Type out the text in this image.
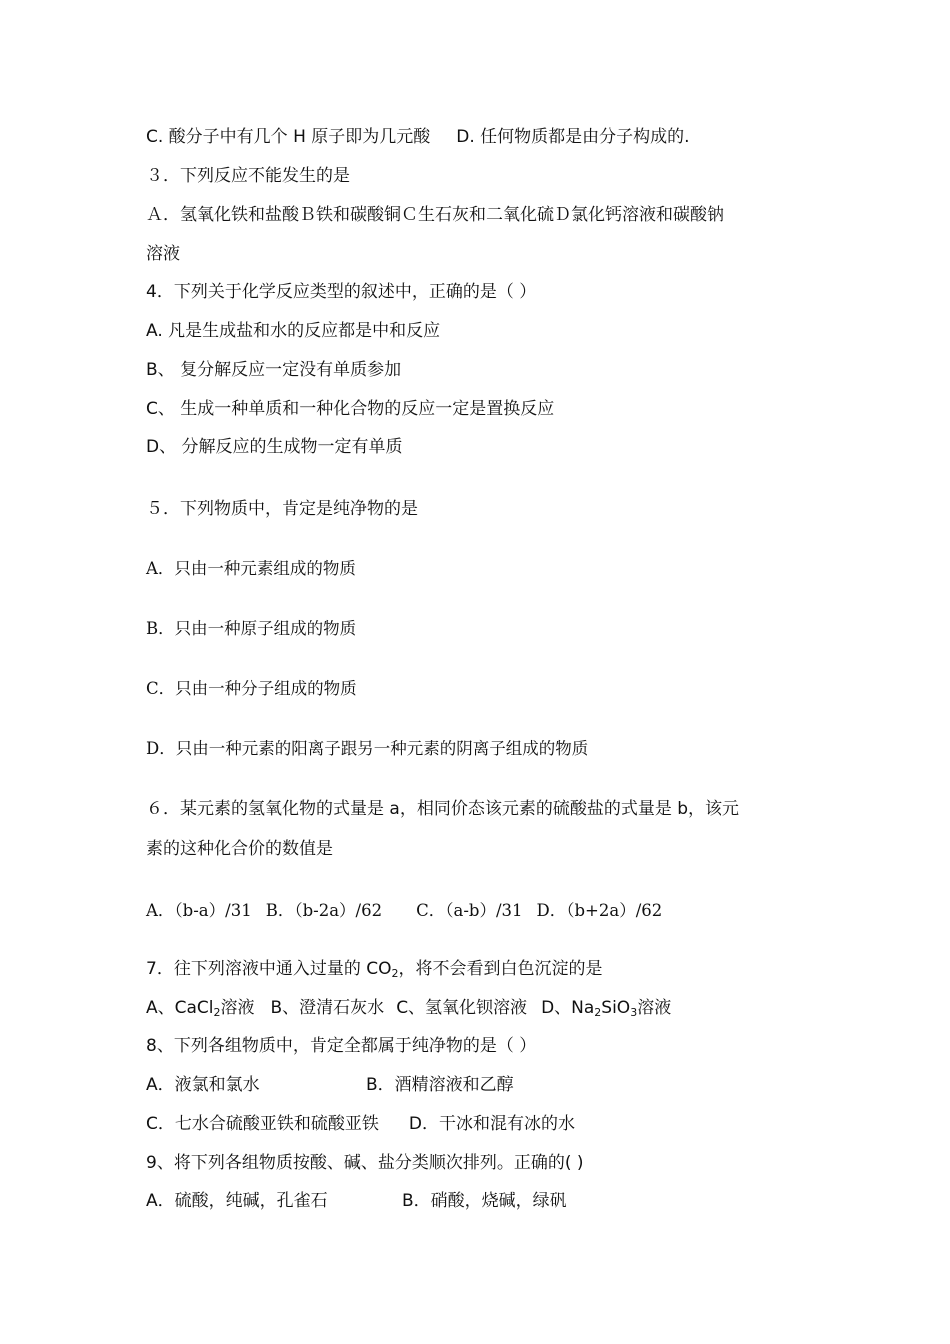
C. 酸分子中有几个 H 原子即为几元酸 D. 任何物质都是由分子构成的.
３．下列反应不能发生的是
Ａ．氢氧化铁和盐酸Ｂ铁和碳酸铜Ｃ生石灰和二氧化硫Ｄ氯化钙溶液和碳酸钠
溶液
4．下列关于化学反应类型的叙述中，正确的是（ ）
A. 凡是生成盐和水的反应都是中和反应
B、 复分解反应一定没有单质参加
C、 生成一种单质和一种化合物的反应一定是置换反应
D、 分解反应的生成物一定有单质
５．下列物质中，肯定是纯净物的是
A．只由一种元素组成的物质
B．只由一种原子组成的物质
C．只由一种分子组成的物质
D．只由一种元素的阳离子跟另一种元素的阴离子组成的物质
６．某元素的氢氧化物的式量是 a，相同价态该元素的硫酸盐的式量是 b，该元
素的这种化合价的数值是
A．（b-a）/31 B．（b-2a）/62 C．（a-b）/31 D．（b+2a）/62
7．往下列溶液中通入过量的 $CO_2$，将不会看到白色沉淀的是
A、CaCl$_2$溶液 B、澄清石灰水 C、氢氧化钡溶液 D、$Na_2SiO_3$溶液
8、下列各组物质中，肯定全都属于纯净物的是（ ）
A．液氯和氯水	B．酒精溶液和乙醇
C．七水合硫酸亚铁和硫酸亚铁 D．干冰和混有冰的水
9、将下列各组物质按酸、碱、盐分类顺次排列。正确的( )
A．硫酸，纯碱，孔雀石	B．硝酸，烧碱，绿矾
